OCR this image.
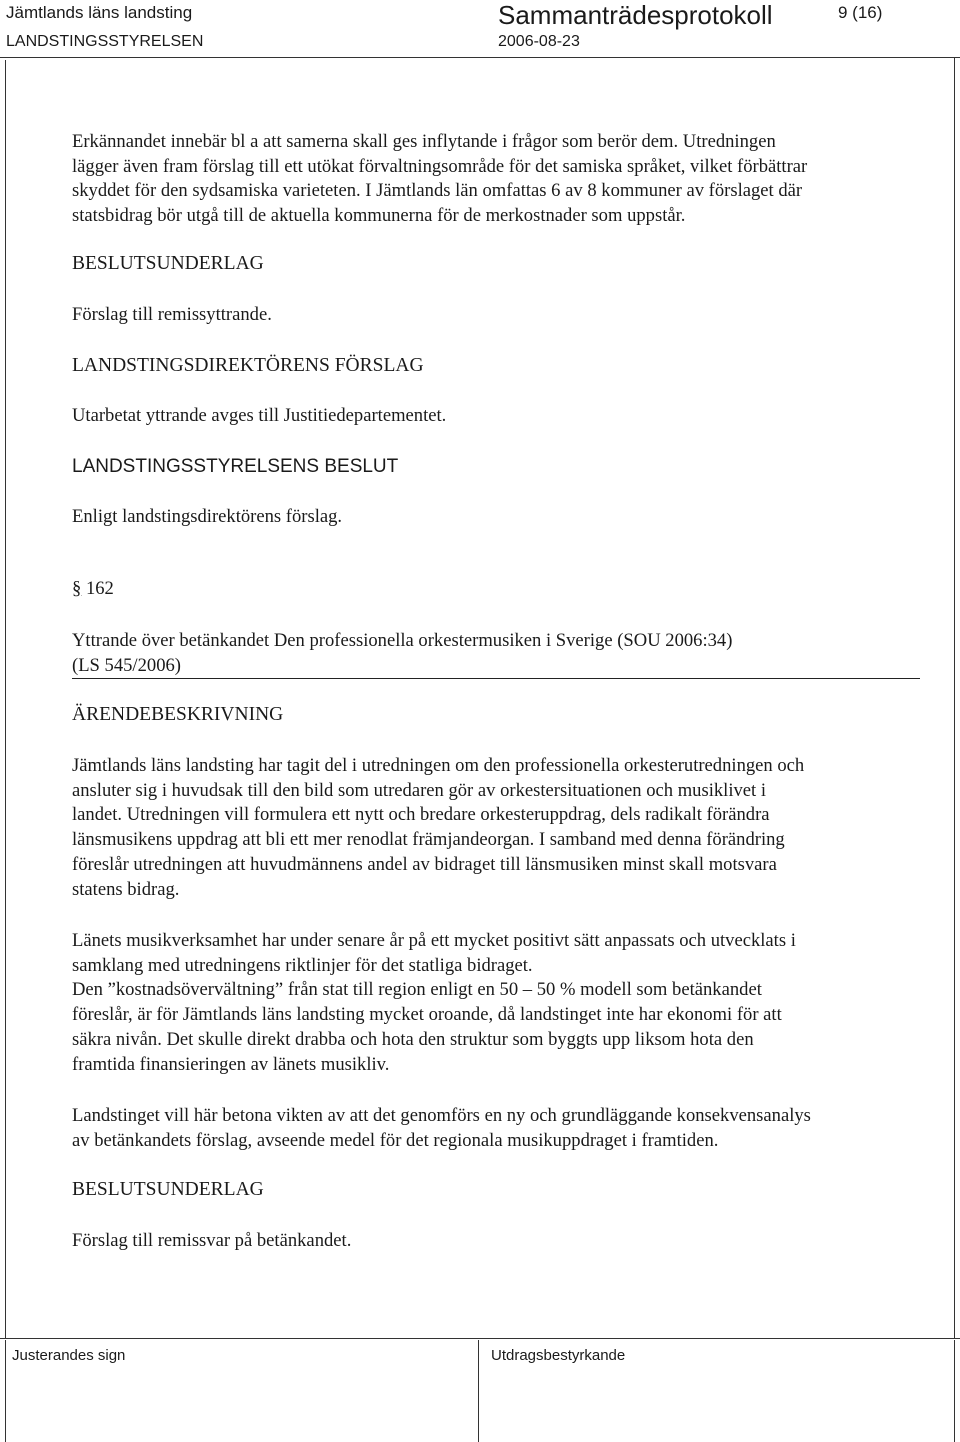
Jämtlands läns landsting	Sammanträdesprotokoll	9 (16)
LANDSTINGSSTYRELSEN	2006-08-23
Erkännandet innebär bl a att samerna skall ges inflytande i frågor som berör dem. Utredningen
lägger även fram förslag till ett utökat förvaltningsområde för det samiska språket, vilket förbättrar
skyddet för den sydsamiska varieteten. I Jämtlands län omfattas 6 av 8 kommuner av förslaget där
statsbidrag bör utgå till de aktuella kommunerna för de merkostnader som uppstår.
BESLUTSUNDERLAG
Förslag till remissyttrande.
LANDSTINGSDIREKTÖRENS FÖRSLAG
Utarbetat yttrande avges till Justitiedepartementet.
LANDSTINGSSTYRELSENS BESLUT
Enligt landstingsdirektörens förslag.
§ 162
Yttrande över betänkandet Den professionella orkestermusiken i Sverige (SOU 2006:34)
(LS 545/2006)
ÄRENDEBESKRIVNING
Jämtlands läns landsting har tagit del i utredningen om den professionella orkesterutredningen och
ansluter sig i huvudsak till den bild som utredaren gör av orkestersituationen och musiklivet i
landet. Utredningen vill formulera ett nytt och bredare orkesteruppdrag, dels radikalt förändra
länsmusikens uppdrag att bli ett mer renodlat främjandeorgan. I samband med denna förändring
föreslår utredningen att huvudmännens andel av bidraget till länsmusiken minst skall motsvara
statens bidrag.
Länets musikverksamhet har under senare år på ett mycket positivt sätt anpassats och utvecklats i
samklang med utredningens riktlinjer för det statliga bidraget.
Den ”kostnadsövervältning” från stat till region enligt en 50 – 50 % modell som betänkandet
föreslår, är för Jämtlands läns landsting mycket oroande, då landstinget inte har ekonomi för att
säkra nivån. Det skulle direkt drabba och hota den struktur som byggts upp liksom hota den
framtida finansieringen av länets musikliv.
Landstinget vill här betona vikten av att det genomförs en ny och grundläggande konsekvensanalys
av betänkandets förslag, avseende medel för det regionala musikuppdraget i framtiden.
BESLUTSUNDERLAG
Förslag till remissvar på betänkandet.
Justerandes sign	Utdragsbestyrkande
